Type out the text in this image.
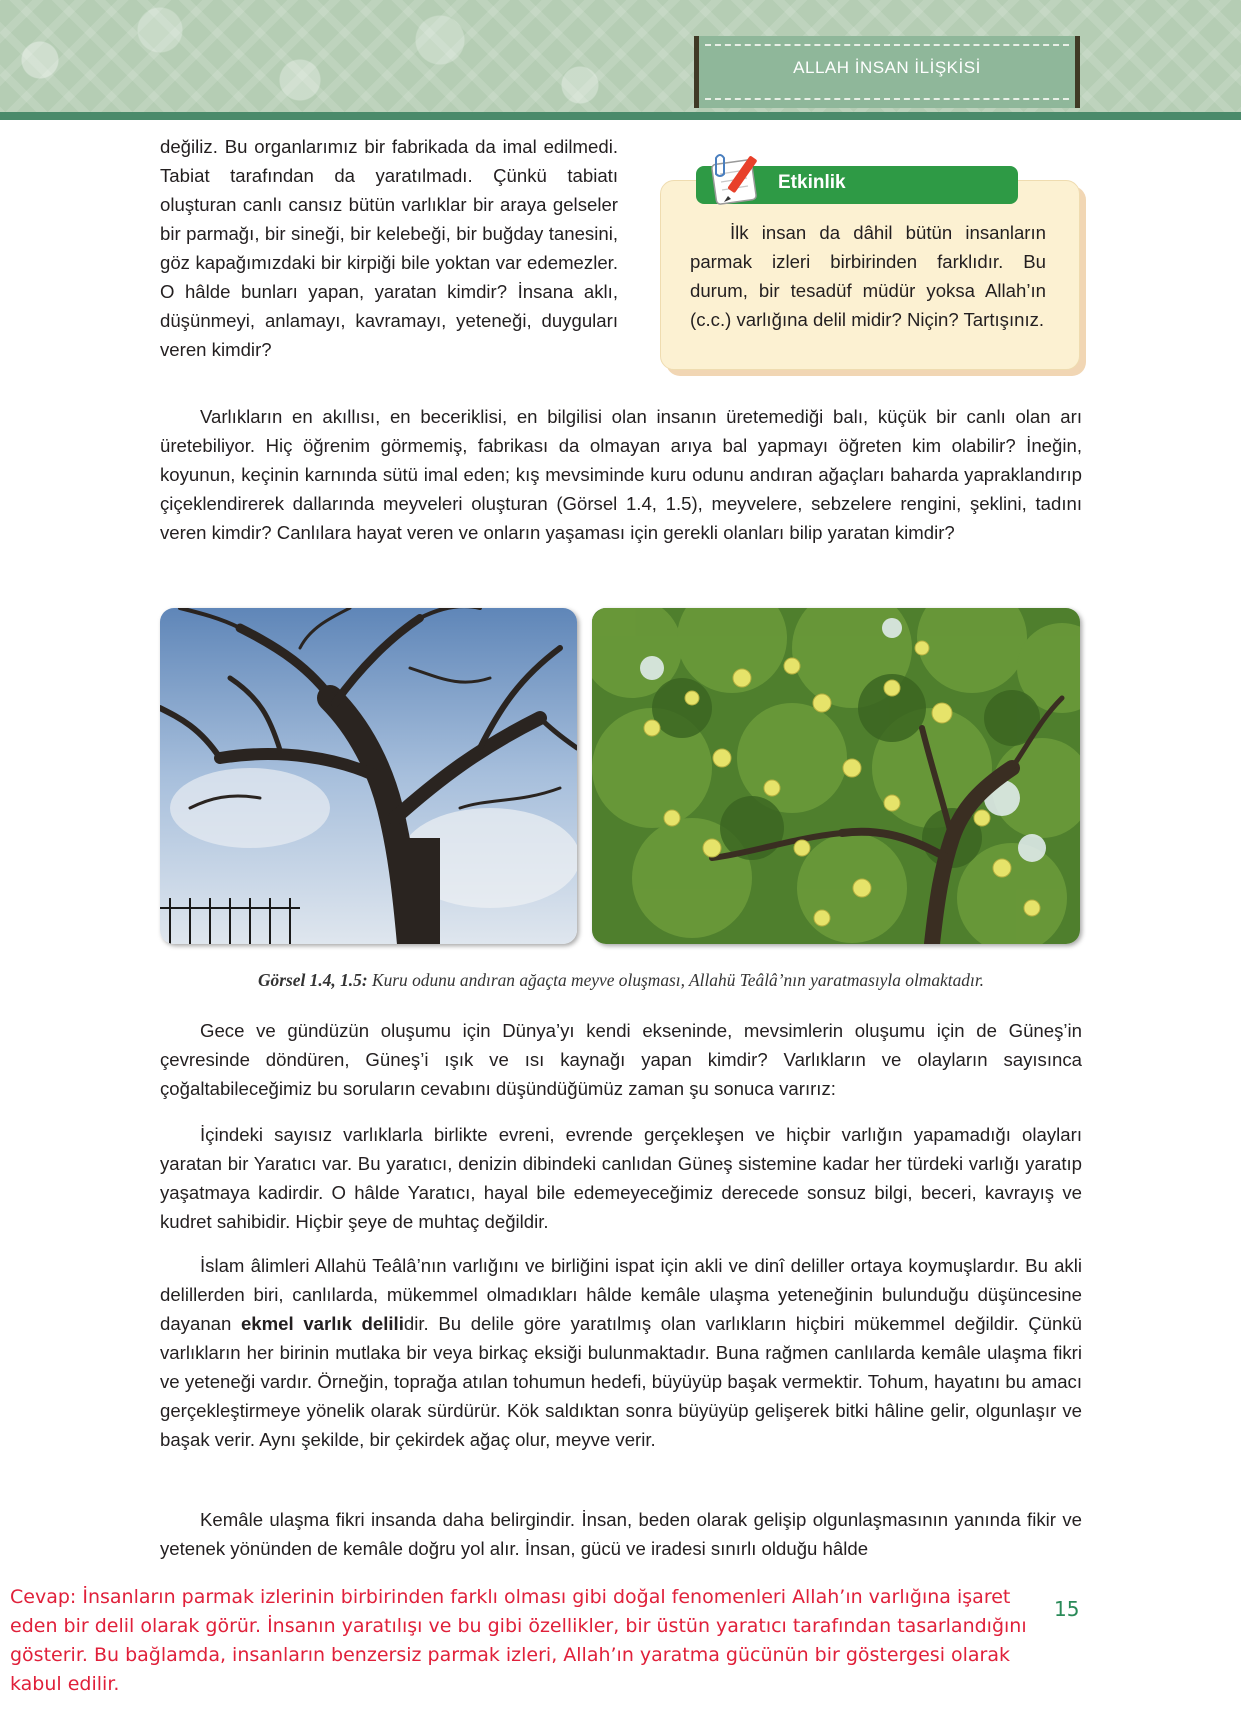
ALLAH İNSAN İLİŞKİSİ

değiliz. Bu organlarımız bir fabrikada da imal edilmedi. Tabiat tarafından da yaratılmadı. Çünkü tabiatı oluşturan canlı cansız bütün varlıklar bir araya gelseler bir parmağı, bir sineği, bir kelebeği, bir buğday tanesini, göz kapağımızdaki bir kirpiği bile yoktan var edemezler. O hâlde bunları yapan, yaratan kimdir? İnsana aklı, düşünmeyi, anlamayı, kavramayı, yeteneği, duyguları veren kimdir?

Etkinlik

İlk insan da dâhil bütün insanların parmak izleri birbirinden farklıdır. Bu durum, bir tesadüf müdür yoksa Allah’ın (c.c.) varlığına delil midir? Niçin? Tartışınız.

Varlıkların en akıllısı, en beceriklisi, en bilgilisi olan insanın üretemediği balı, küçük bir canlı olan arı üretebiliyor. Hiç öğrenim görmemiş, fabrikası da olmayan arıya bal yapmayı öğreten kim olabilir? İneğin, koyunun, keçinin karnında sütü imal eden; kış mevsiminde kuru odunu andıran ağaçları baharda yapraklandırıp çiçeklendirerek dallarında meyveleri oluşturan (Görsel 1.4, 1.5), meyvelere, sebzelere rengini, şeklini, tadını veren kimdir? Canlılara hayat veren ve onların yaşaması için gerekli olanları bilip yaratan kimdir?

Görsel 1.4, 1.5: Kuru odunu andıran ağaçta meyve oluşması, Allahü Teâlâ’nın yaratmasıyla olmaktadır.

Gece ve gündüzün oluşumu için Dünya’yı kendi ekseninde, mevsimlerin oluşumu için de Güneş’in çevresinde döndüren, Güneş’i ışık ve ısı kaynağı yapan kimdir? Varlıkların ve olayların sayısınca çoğaltabileceğimiz bu soruların cevabını düşündüğümüz zaman şu sonuca varırız:

İçindeki sayısız varlıklarla birlikte evreni, evrende gerçekleşen ve hiçbir varlığın yapamadığı olayları yaratan bir Yaratıcı var. Bu yaratıcı, denizin dibindeki canlıdan Güneş sistemine kadar her türdeki varlığı yaratıp yaşatmaya kadirdir. O hâlde Yaratıcı, hayal bile edemeyeceğimiz derecede sonsuz bilgi, beceri, kavrayış ve kudret sahibidir. Hiçbir şeye de muhtaç değildir.

İslam âlimleri Allahü Teâlâ’nın varlığını ve birliğini ispat için akli ve dinî deliller ortaya koymuşlardır. Bu akli delillerden biri, canlılarda, mükemmel olmadıkları hâlde kemâle ulaşma yeteneğinin bulunduğu düşüncesine dayanan ekmel varlık delilidir. Bu delile göre yaratılmış olan varlıkların hiçbiri mükemmel değildir. Çünkü varlıkların her birinin mutlaka bir veya birkaç eksiği bulunmaktadır. Buna rağmen canlılarda kemâle ulaşma fikri ve yeteneği vardır. Örneğin, toprağa atılan tohumun hedefi, büyüyüp başak vermektir. Tohum, hayatını bu amacı gerçekleştirmeye yönelik olarak sürdürür. Kök saldıktan sonra büyüyüp gelişerek bitki hâline gelir, olgunlaşır ve başak verir. Aynı şekilde, bir çekirdek ağaç olur, meyve verir.

Kemâle ulaşma fikri insanda daha belirgindir. İnsan, beden olarak gelişip olgunlaşmasının yanında fikir ve yetenek yönünden de kemâle doğru yol alır. İnsan, gücü ve iradesi sınırlı olduğu hâlde

Cevap: İnsanların parmak izlerinin birbirinden farklı olması gibi doğal fenomenleri Allah’ın varlığına işaret eden bir delil olarak görür. İnsanın yaratılışı ve bu gibi özellikler, bir üstün yaratıcı tarafından tasarlandığını gösterir. Bu bağlamda, insanların benzersiz parmak izleri, Allah’ın yaratma gücünün bir göstergesi olarak kabul edilir.

15
